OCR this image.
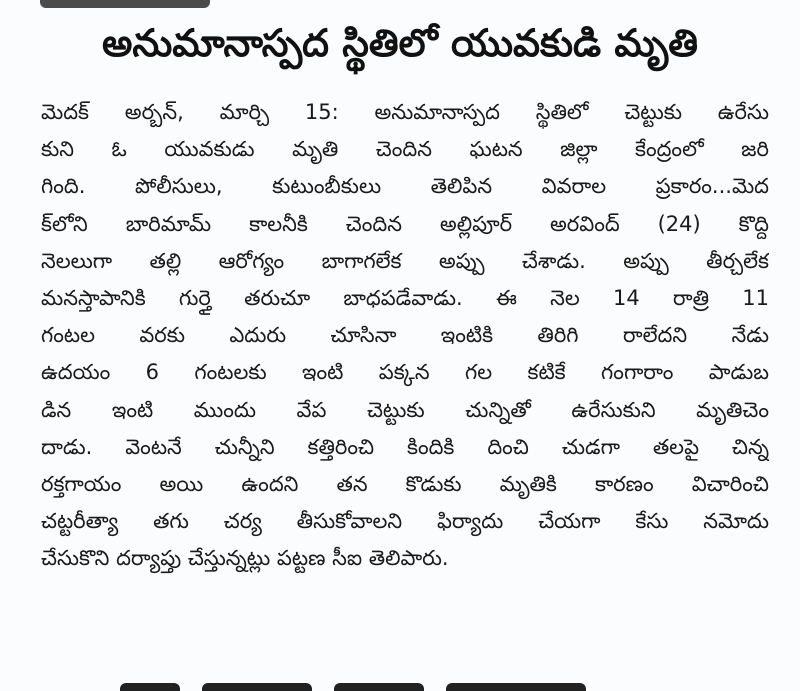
అనుమానాస్పద స్థితిలో యువకుడి మృతి
మెదక్ అర్బన్, మార్చి 15: అనుమానాస్పద స్థితిలో చెట్టుకు ఉరేసు
కుని ఓ యువకుడు మృతి చెందిన ఘటన జిల్లా కేంద్రంలో జరి
గింది. పోలీసులు, కుటుంబీకులు తెలిపిన వివరాల ప్రకారం...మెద
క్‌లోని బారిమామ్ కాలనీకి చెందిన అల్లిపూర్ అరవింద్ (24) కొద్ది
నెలలుగా తల్లి ఆరోగ్యం బాగాగలేక అప్పు చేశాడు. అప్పు తీర్చలేక
మనస్తాపానికి గుర్తై తరుచూ బాధపడేవాడు. ఈ నెల 14 రాత్రి 11
గంటల వరకు ఎదురు చూసినా ఇంటికి తిరిగి రాలేదని నేడు
ఉదయం 6 గంటలకు ఇంటి పక్కన గల కటికే గంగారాం పాడుబ
డిన ఇంటి ముందు వేప చెట్టుకు చున్నితో ఉరేసుకుని మృతిచెం
దాడు. వెంటనే చున్నీని కత్తిరించి కిందికి దించి చుడగా తలపై చిన్న
రక్తగాయం అయి ఉందని తన కొడుకు మృతికి కారణం విచారించి
చట్టరీత్యా తగు చర్య తీసుకోవాలని ఫిర్యాదు చేయగా కేసు నమోదు
చేసుకొని దర్యాప్తు చేస్తున్నట్లు పట్టణ సీఐ తెలిపారు.
